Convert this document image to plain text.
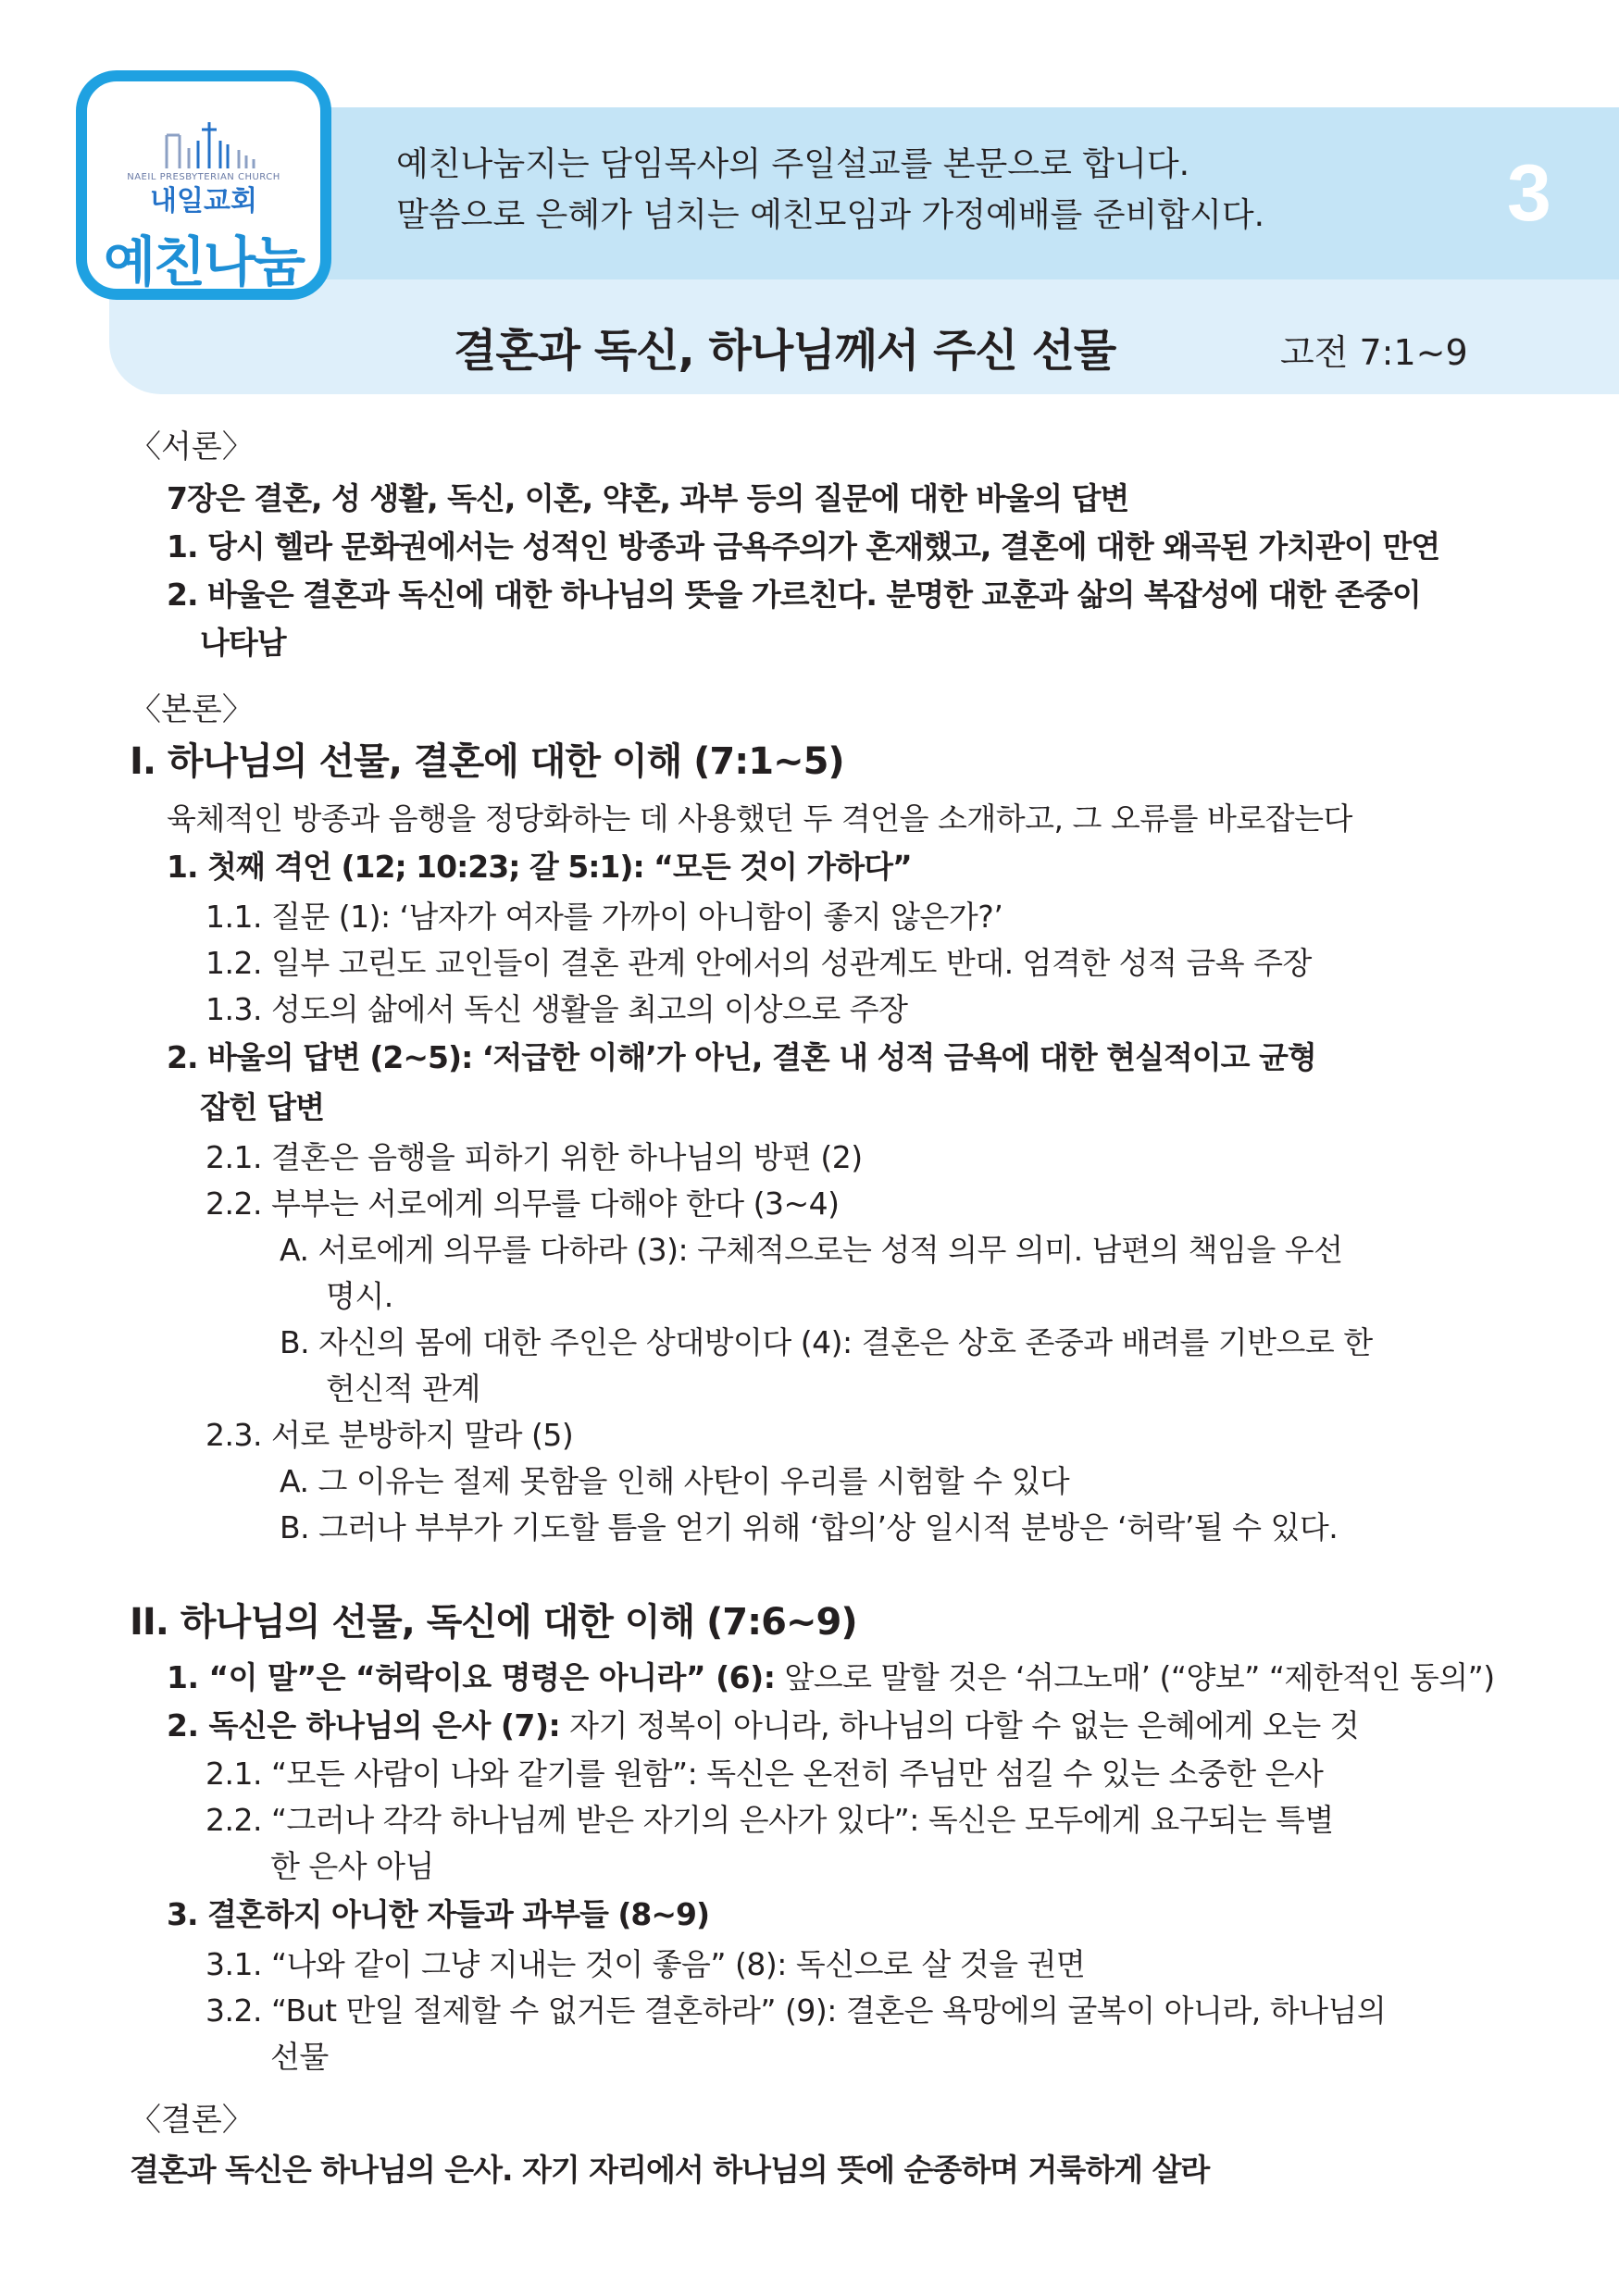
NAEIL PRESBYTERIAN CHURCH
내일교회
예친나눔
예친나눔지는 담임목사의 주일설교를 본문으로 합니다.
말씀으로 은혜가 넘치는 예친모임과 가정예배를 준비합시다.	3
결혼과 독신, 하나님께서 주신 선물	고전 7:1~9
〈서론〉
7장은 결혼, 성 생활, 독신, 이혼, 약혼, 과부 등의 질문에 대한 바울의 답변
1. 당시 헬라 문화권에서는 성적인 방종과 금욕주의가 혼재했고, 결혼에 대한 왜곡된 가치관이 만연
2. 바울은 결혼과 독신에 대한 하나님의 뜻을 가르친다. 분명한 교훈과 삶의 복잡성에 대한 존중이
나타남
〈본론〉
I. 하나님의 선물, 결혼에 대한 이해 (7:1~5)
육체적인 방종과 음행을 정당화하는 데 사용했던 두 격언을 소개하고, 그 오류를 바로잡는다
1. 첫째 격언 (12; 10:23; 갈 5:1): “모든 것이 가하다”
1.1. 질문 (1): ‘남자가 여자를 가까이 아니함이 좋지 않은가?’
1.2. 일부 고린도 교인들이 결혼 관계 안에서의 성관계도 반대. 엄격한 성적 금욕 주장
1.3. 성도의 삶에서 독신 생활을 최고의 이상으로 주장
2. 바울의 답변 (2~5): ‘저급한 이해’가 아닌, 결혼 내 성적 금욕에 대한 현실적이고 균형
잡힌 답변
2.1. 결혼은 음행을 피하기 위한 하나님의 방편 (2)
2.2. 부부는 서로에게 의무를 다해야 한다 (3~4)
A. 서로에게 의무를 다하라 (3): 구체적으로는 성적 의무 의미. 남편의 책임을 우선
명시.
B. 자신의 몸에 대한 주인은 상대방이다 (4): 결혼은 상호 존중과 배려를 기반으로 한
헌신적 관계
2.3. 서로 분방하지 말라 (5)
A. 그 이유는 절제 못함을 인해 사탄이 우리를 시험할 수 있다
B. 그러나 부부가 기도할 틈을 얻기 위해 ‘합의’상 일시적 분방은 ‘허락’될 수 있다.
II. 하나님의 선물, 독신에 대한 이해 (7:6~9)
1. “이 말”은 “허락이요 명령은 아니라” (6): 앞으로 말할 것은 ‘쉬그노매’ (“양보” “제한적인 동의”)
2. 독신은 하나님의 은사 (7): 자기 정복이 아니라, 하나님의 다할 수 없는 은혜에게 오는 것
2.1. “모든 사람이 나와 같기를 원함”: 독신은 온전히 주님만 섬길 수 있는 소중한 은사
2.2. “그러나 각각 하나님께 받은 자기의 은사가 있다”: 독신은 모두에게 요구되는 특별
한 은사 아님
3. 결혼하지 아니한 자들과 과부들 (8~9)
3.1. “나와 같이 그냥 지내는 것이 좋음” (8): 독신으로 살 것을 권면
3.2. “But 만일 절제할 수 없거든 결혼하라” (9): 결혼은 욕망에의 굴복이 아니라, 하나님의
선물
〈결론〉
결혼과 독신은 하나님의 은사. 자기 자리에서 하나님의 뜻에 순종하며 거룩하게 살라
